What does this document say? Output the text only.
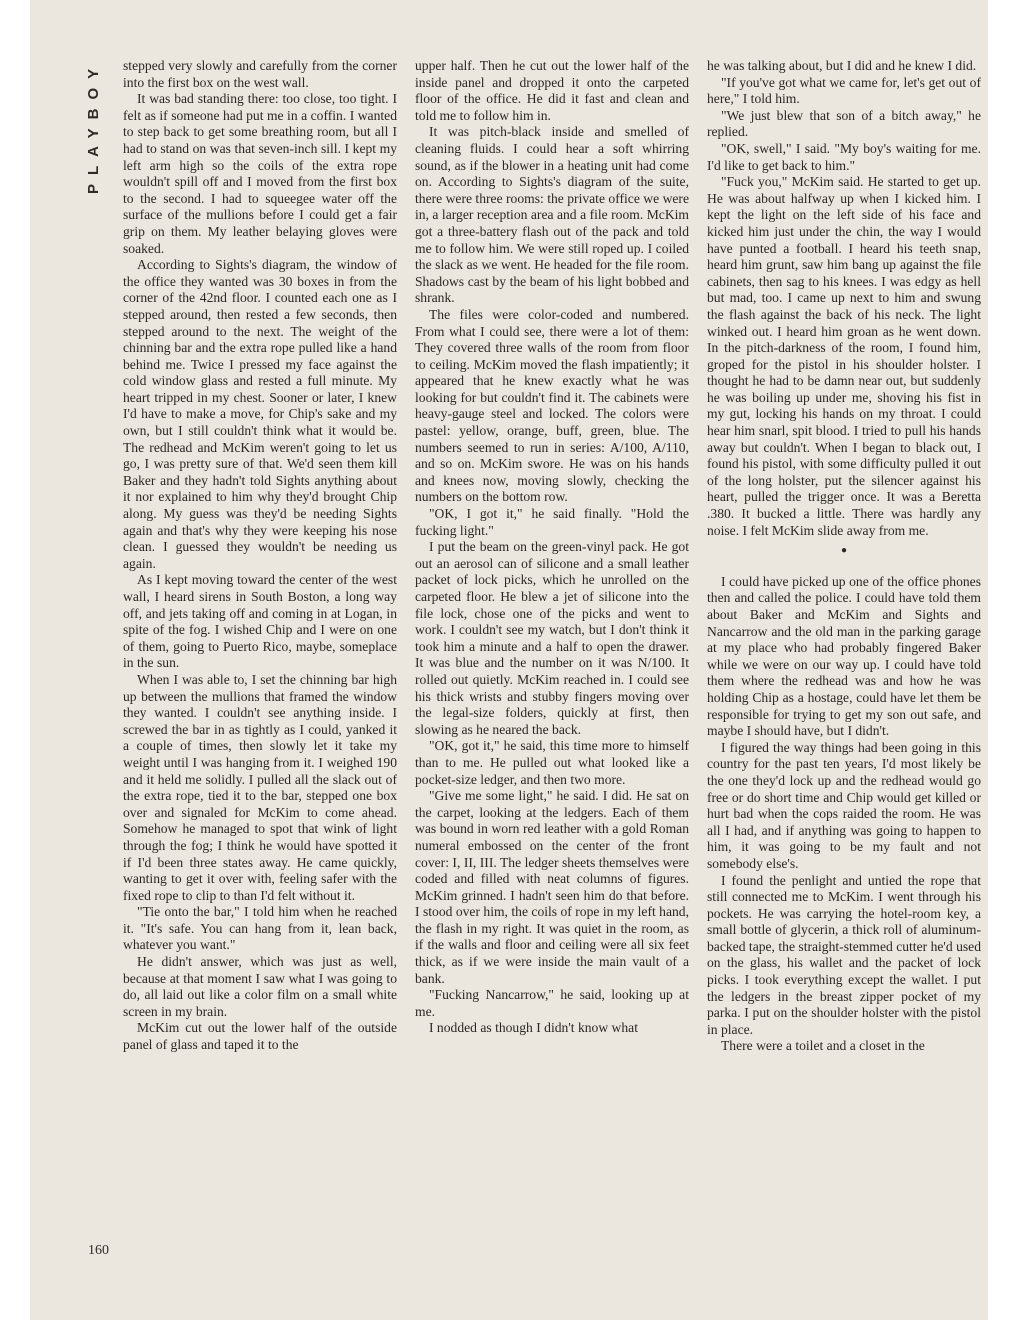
PLAYBOY
160

stepped very slowly and carefully from the corner into the first box on the west wall.

It was bad standing there: too close, too tight. I felt as if someone had put me in a coffin. I wanted to step back to get some breathing room, but all I had to stand on was that seven-inch sill. I kept my left arm high so the coils of the extra rope wouldn't spill off and I moved from the first box to the second. I had to squeegee water off the surface of the mullions before I could get a fair grip on them. My leather belaying gloves were soaked.

According to Sights's diagram, the window of the office they wanted was 30 boxes in from the corner of the 42nd floor. I counted each one as I stepped around, then rested a few seconds, then stepped around to the next. The weight of the chinning bar and the extra rope pulled like a hand behind me. Twice I pressed my face against the cold window glass and rested a full minute. My heart tripped in my chest. Sooner or later, I knew I'd have to make a move, for Chip's sake and my own, but I still couldn't think what it would be. The redhead and McKim weren't going to let us go, I was pretty sure of that. We'd seen them kill Baker and they hadn't told Sights anything about it nor explained to him why they'd brought Chip along. My guess was they'd be needing Sights again and that's why they were keeping his nose clean. I guessed they wouldn't be needing us again.

As I kept moving toward the center of the west wall, I heard sirens in South Boston, a long way off, and jets taking off and coming in at Logan, in spite of the fog. I wished Chip and I were on one of them, going to Puerto Rico, maybe, someplace in the sun.

When I was able to, I set the chinning bar high up between the mullions that framed the window they wanted. I couldn't see anything inside. I screwed the bar in as tightly as I could, yanked it a couple of times, then slowly let it take my weight until I was hanging from it. I weighed 190 and it held me solidly. I pulled all the slack out of the extra rope, tied it to the bar, stepped one box over and signaled for McKim to come ahead. Somehow he managed to spot that wink of light through the fog; I think he would have spotted it if I'd been three states away. He came quickly, wanting to get it over with, feeling safer with the fixed rope to clip to than I'd felt without it.

"Tie onto the bar," I told him when he reached it. "It's safe. You can hang from it, lean back, whatever you want."

He didn't answer, which was just as well, because at that moment I saw what I was going to do, all laid out like a color film on a small white screen in my brain.

McKim cut out the lower half of the outside panel of glass and taped it to the

upper half. Then he cut out the lower half of the inside panel and dropped it onto the carpeted floor of the office. He did it fast and clean and told me to follow him in.

It was pitch-black inside and smelled of cleaning fluids. I could hear a soft whirring sound, as if the blower in a heating unit had come on. According to Sights's diagram of the suite, there were three rooms: the private office we were in, a larger reception area and a file room. McKim got a three-battery flash out of the pack and told me to follow him. We were still roped up. I coiled the slack as we went. He headed for the file room. Shadows cast by the beam of his light bobbed and shrank.

The files were color-coded and numbered. From what I could see, there were a lot of them: They covered three walls of the room from floor to ceiling. McKim moved the flash impatiently; it appeared that he knew exactly what he was looking for but couldn't find it. The cabinets were heavy-gauge steel and locked. The colors were pastel: yellow, orange, buff, green, blue. The numbers seemed to run in series: A/100, A/110, and so on. McKim swore. He was on his hands and knees now, moving slowly, checking the numbers on the bottom row.

"OK, I got it," he said finally. "Hold the fucking light."

I put the beam on the green-vinyl pack. He got out an aerosol can of silicone and a small leather packet of lock picks, which he unrolled on the carpeted floor. He blew a jet of silicone into the file lock, chose one of the picks and went to work. I couldn't see my watch, but I don't think it took him a minute and a half to open the drawer. It was blue and the number on it was N/100. It rolled out quietly. McKim reached in. I could see his thick wrists and stubby fingers moving over the legal-size folders, quickly at first, then slowing as he neared the back.

"OK, got it," he said, this time more to himself than to me. He pulled out what looked like a pocket-size ledger, and then two more.

"Give me some light," he said. I did. He sat on the carpet, looking at the ledgers. Each of them was bound in worn red leather with a gold Roman numeral embossed on the center of the front cover: I, II, III. The ledger sheets themselves were coded and filled with neat columns of figures. McKim grinned. I hadn't seen him do that before. I stood over him, the coils of rope in my left hand, the flash in my right. It was quiet in the room, as if the walls and floor and ceiling were all six feet thick, as if we were inside the main vault of a bank.

"Fucking Nancarrow," he said, looking up at me.

I nodded as though I didn't know what

he was talking about, but I did and he knew I did.

"If you've got what we came for, let's get out of here," I told him.

"We just blew that son of a bitch away," he replied.

"OK, swell," I said. "My boy's waiting for me. I'd like to get back to him."

"Fuck you," McKim said. He started to get up. He was about halfway up when I kicked him. I kept the light on the left side of his face and kicked him just under the chin, the way I would have punted a football. I heard his teeth snap, heard him grunt, saw him bang up against the file cabinets, then sag to his knees. I was edgy as hell but mad, too. I came up next to him and swung the flash against the back of his neck. The light winked out. I heard him groan as he went down. In the pitch-darkness of the room, I found him, groped for the pistol in his shoulder holster. I thought he had to be damn near out, but suddenly he was boiling up under me, shoving his fist in my gut, locking his hands on my throat. I could hear him snarl, spit blood. I tried to pull his hands away but couldn't. When I began to black out, I found his pistol, with some difficulty pulled it out of the long holster, put the silencer against his heart, pulled the trigger once. It was a Beretta .380. It bucked a little. There was hardly any noise. I felt McKim slide away from me.

●

I could have picked up one of the office phones then and called the police. I could have told them about Baker and McKim and Sights and Nancarrow and the old man in the parking garage at my place who had probably fingered Baker while we were on our way up. I could have told them where the redhead was and how he was holding Chip as a hostage, could have let them be responsible for trying to get my son out safe, and maybe I should have, but I didn't.

I figured the way things had been going in this country for the past ten years, I'd most likely be the one they'd lock up and the redhead would go free or do short time and Chip would get killed or hurt bad when the cops raided the room. He was all I had, and if anything was going to happen to him, it was going to be my fault and not somebody else's.

I found the penlight and untied the rope that still connected me to McKim. I went through his pockets. He was carrying the hotel-room key, a small bottle of glycerin, a thick roll of aluminum-backed tape, the straight-stemmed cutter he'd used on the glass, his wallet and the packet of lock picks. I took everything except the wallet. I put the ledgers in the breast zipper pocket of my parka. I put on the shoulder holster with the pistol in place.

There were a toilet and a closet in the
